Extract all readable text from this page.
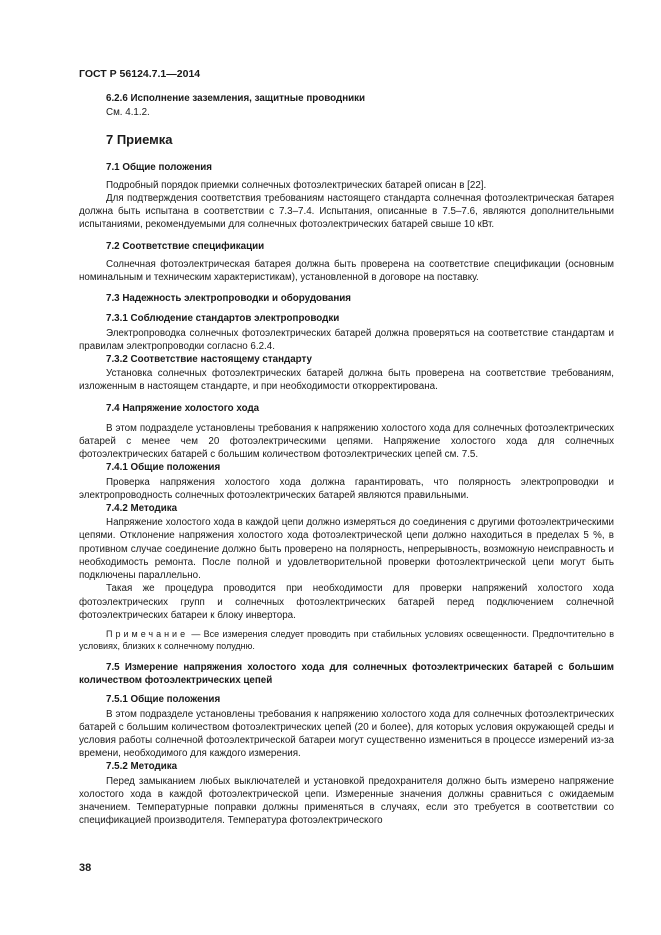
ГОСТ Р 56124.7.1—2014
6.2.6 Исполнение заземления, защитные проводники
См. 4.1.2.
7 Приемка
7.1 Общие положения

Подробный порядок приемки солнечных фотоэлектрических батарей описан в [22].

Для подтверждения соответствия требованиям настоящего стандарта солнечная фотоэлектрическая батарея должна быть испытана в соответствии с 7.3–7.4. Испытания, описанные в 7.5–7.6, являются дополнительными испытаниями, рекомендуемыми для солнечных фотоэлектрических батарей свыше 10 кВт.

7.2 Соответствие спецификации

Солнечная фотоэлектрическая батарея должна быть проверена на соответствие спецификации (основным номинальным и техническим характеристикам), установленной в договоре на поставку.

7.3 Надежность электропроводки и оборудования
7.3.1 Соблюдение стандартов электропроводки

Электропроводка солнечных фотоэлектрических батарей должна проверяться на соответствие стандартам и правилам электропроводки согласно 6.2.4.

7.3.2 Соответствие настоящему стандарту

Установка солнечных фотоэлектрических батарей должна быть проверена на соответствие требованиям, изложенным в настоящем стандарте, и при необходимости откорректирована.

7.4 Напряжение холостого хода

В этом подразделе установлены требования к напряжению холостого хода для солнечных фотоэлектрических батарей с менее чем 20 фотоэлектрическими цепями. Напряжение холостого хода для солнечных фотоэлектрических батарей с большим количеством фотоэлектрических цепей см. 7.5.

7.4.1 Общие положения

Проверка напряжения холостого хода должна гарантировать, что полярность электропроводки и электропроводность солнечных фотоэлектрических батарей являются правильными.

7.4.2 Методика

Напряжение холостого хода в каждой цепи должно измеряться до соединения с другими фотоэлектрическими цепями. Отклонение напряжения холостого хода фотоэлектрической цепи должно находиться в пределах 5 %, в противном случае соединение должно быть проверено на полярность, непрерывность, возможную неисправность и необходимость ремонта. После полной и удовлетворительной проверки фотоэлектрической цепи могут быть подключены параллельно.

Такая же процедура проводится при необходимости для проверки напряжений холостого хода фотоэлектрических групп и солнечных фотоэлектрических батарей перед подключением солнечной фотоэлектрических батареи к блоку инвертора.

Примечание — Все измерения следует проводить при стабильных условиях освещенности. Предпочтительно в условиях, близких к солнечному полудню.

7.5 Измерение напряжения холостого хода для солнечных фотоэлектрических батарей с большим количеством фотоэлектрических цепей

7.5.1 Общие положения

В этом подразделе установлены требования к напряжению холостого хода для солнечных фотоэлектрических батарей с большим количеством фотоэлектрических цепей (20 и более), для которых условия окружающей среды и условия работы солнечной фотоэлектрической батареи могут существенно измениться в процессе измерений из-за времени, необходимого для каждого измерения.

7.5.2 Методика

Перед замыканием любых выключателей и установкой предохранителя должно быть измерено напряжение холостого хода в каждой фотоэлектрической цепи. Измеренные значения должны сравниться с ожидаемым значением. Температурные поправки должны применяться в случаях, если это требуется в соответствии со спецификацией производителя. Температура фотоэлектрического

38
